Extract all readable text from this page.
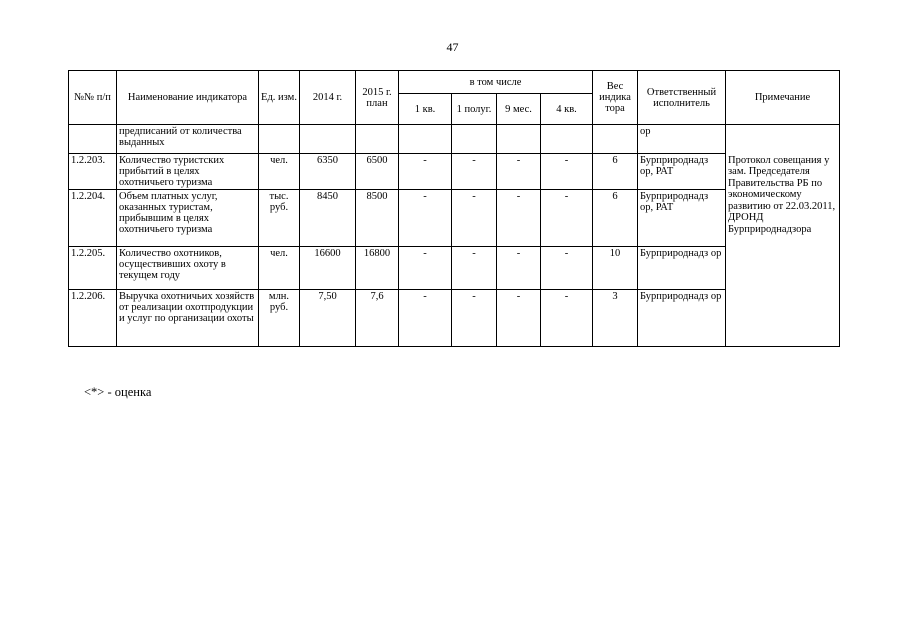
47
№№ п/п	Наименование индикатора	Ед. изм.	2014 г.	2015 г. план	в том числе				Вес индика тора	Ответственный исполнитель	Примечание
					1 кв.	1 полуг.	9 мес.	4 кв.			
	предписаний от количества выданных									ор	
1.2.203.	Количество туристских прибытий в целях охотничьего туризма	чел.	6350	6500	-	-	-	-	6	Бурприроднадз ор, РАТ	Протокол совещания у зам. Председателя Правительства РБ по экономическому развитию от 22.03.2011, ДРОНД Бурприроднадзора
1.2.204.	Объем платных услуг, оказанных туристам, прибывшим в целях охотничьего туризма	тыс. руб.	8450	8500	-	-	-	-	6	Бурприроднадз ор, РАТ	
1.2.205.	Количество охотников, осуществивших охоту в текущем году	чел.	16600	16800	-	-	-	-	10	Бурприроднадз ор	
1.2.206.	Выручка охотничьих хозяйств от реализации охотпродукции и услуг по организации охоты	млн. руб.	7,50	7,6	-	-	-	-	3	Бурприроднадз ор	
<*> - оценка
